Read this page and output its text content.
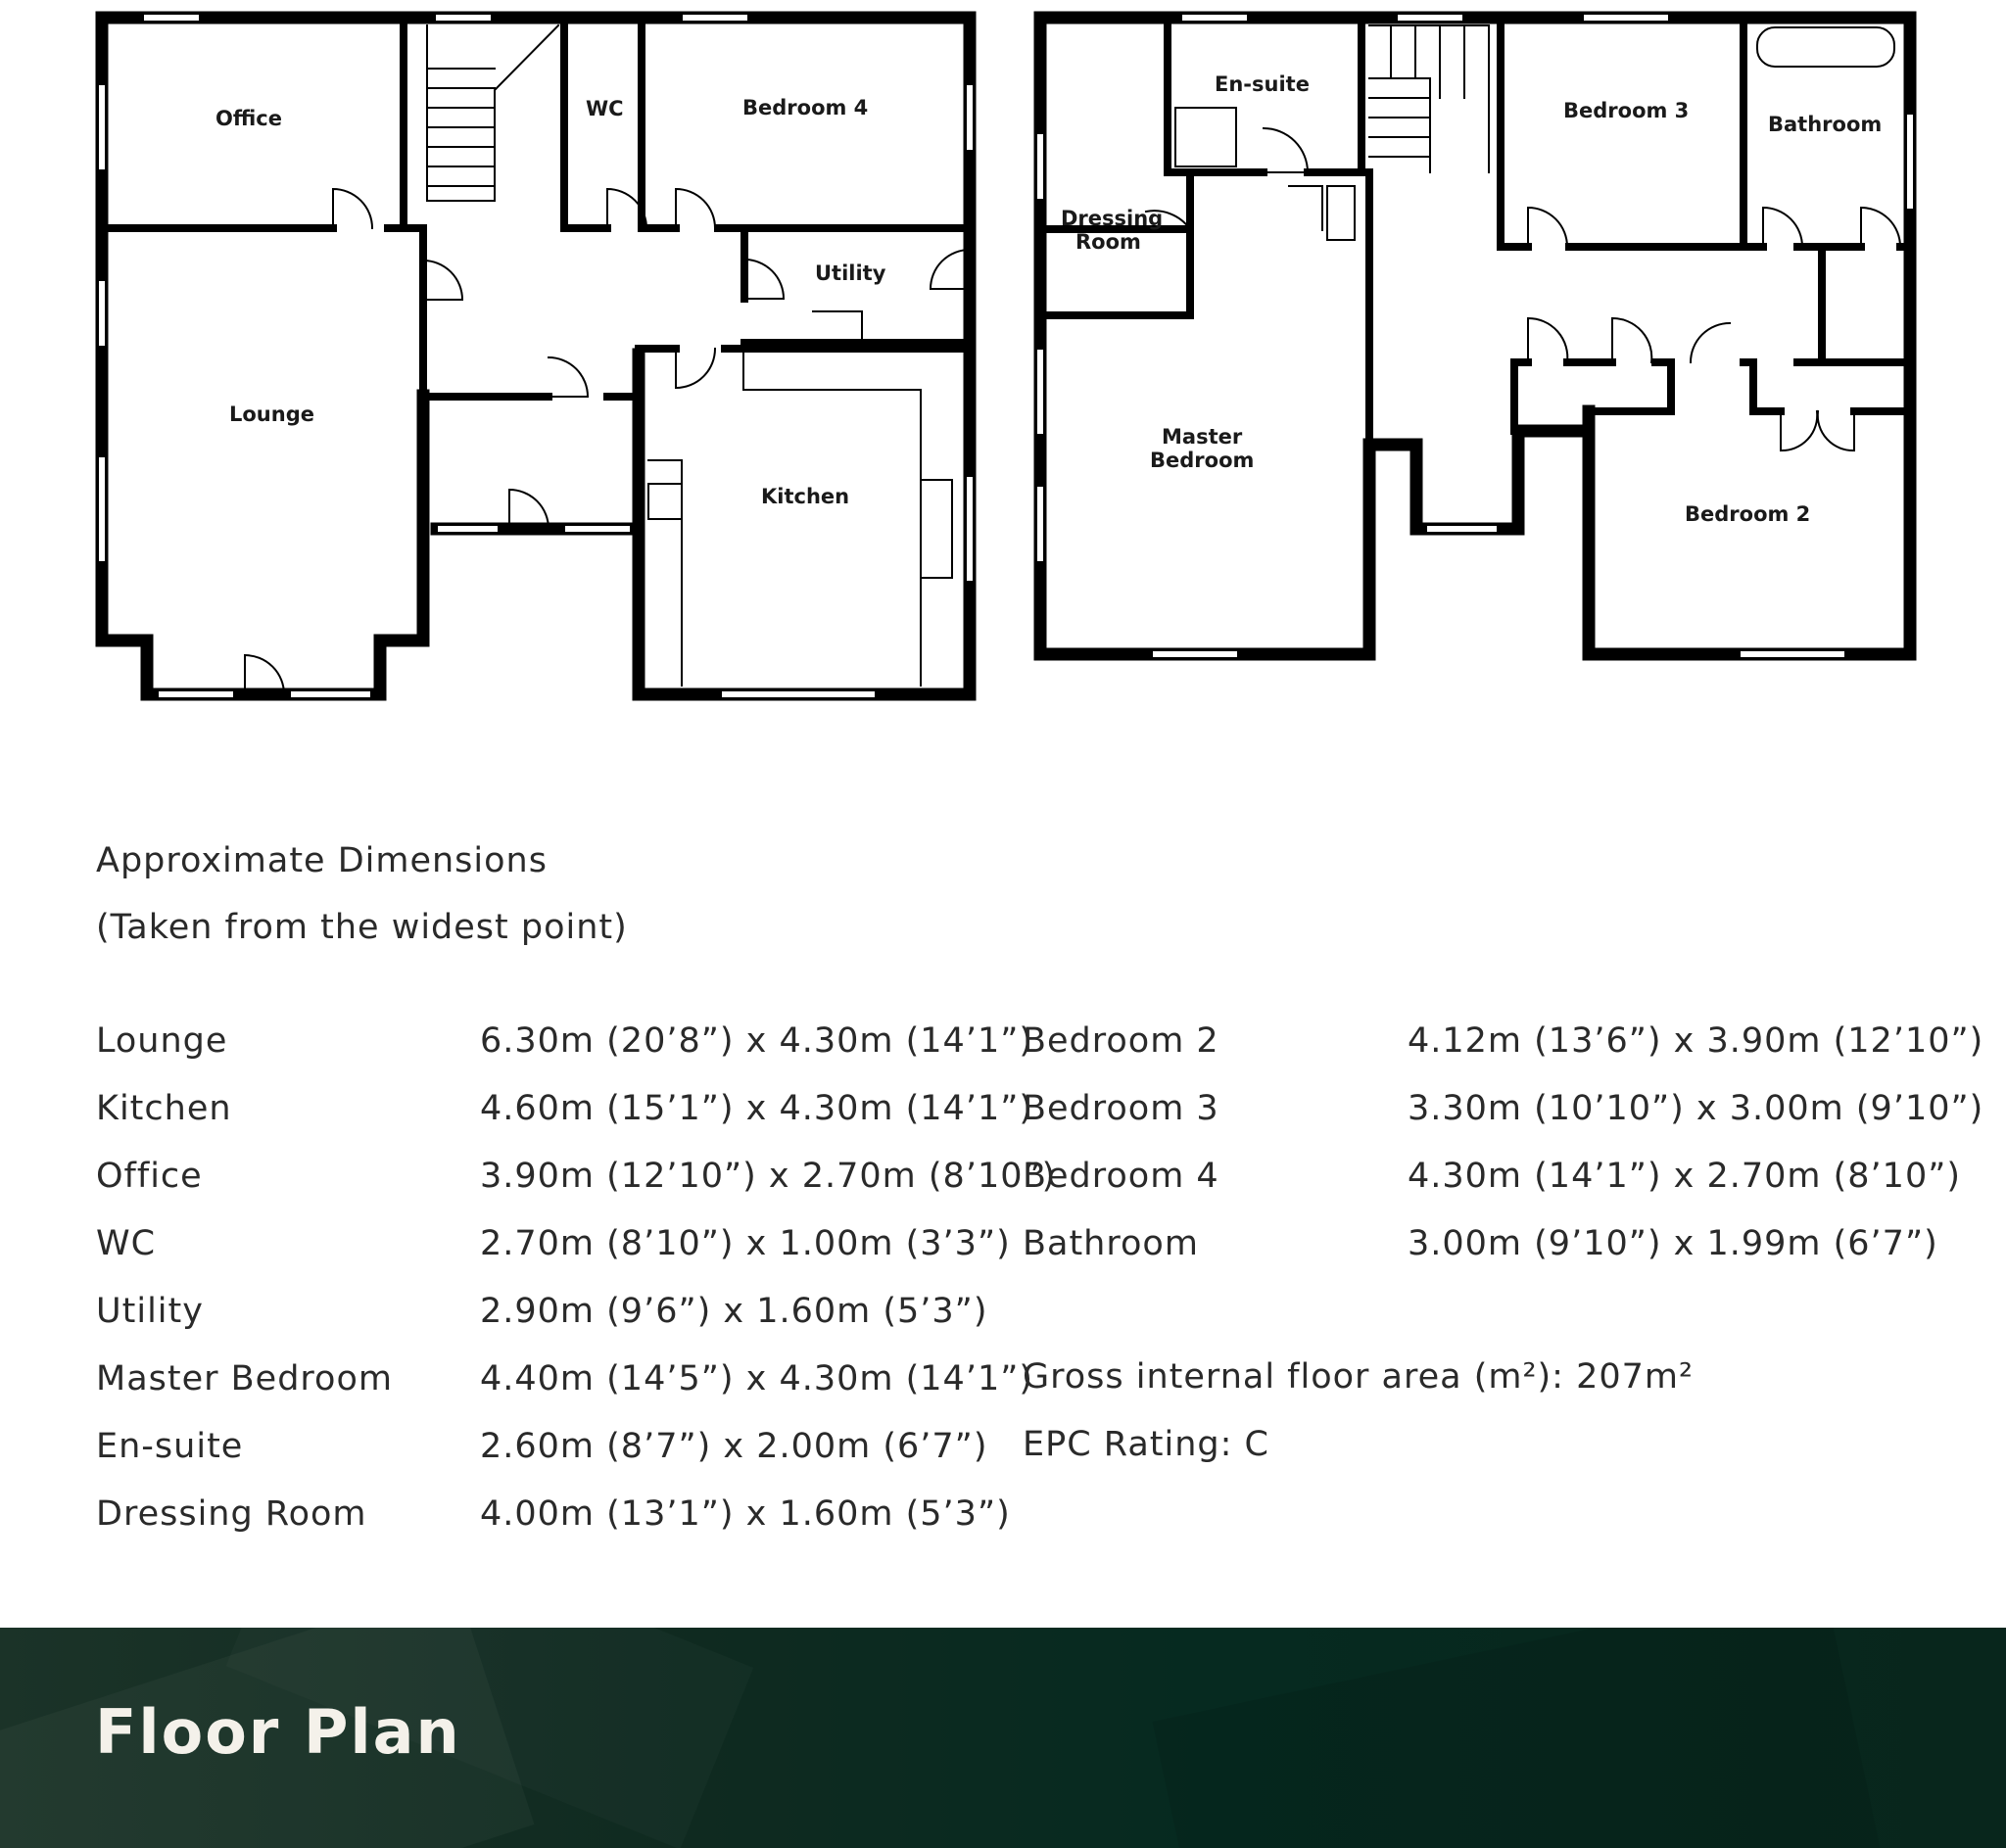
Office
Lounge
WC	Bedroom 4
Utility
Kitchen
En-suite
Dressing
Room
Master
Bedroom
Bedroom 3
Bathroom
Bedroom 2
Approximate Dimensions
(Taken from the widest point)
Lounge	6.30m (20’8”) x 4.30m (14’1”)
Kitchen	4.60m (15’1”) x 4.30m (14’1”)
Office	3.90m (12’10”) x 2.70m (8’10”)
WC	2.70m (8’10”) x 1.00m (3’3”)
Utility	2.90m (9’6”) x 1.60m (5’3”)
Master Bedroom	4.40m (14’5”) x 4.30m (14’1”)
En-suite	2.60m (8’7”) x 2.00m (6’7”)
Dressing Room	4.00m (13’1”) x 1.60m (5’3”)
Bedroom 2	4.12m (13’6”) x 3.90m (12’10”)
Bedroom 3	3.30m (10’10”) x 3.00m (9’10”)
Bedroom 4	4.30m (14’1”) x 2.70m (8’10”)
Bathroom	3.00m (9’10”) x 1.99m (6’7”)
Gross internal floor area (m²): 207m²
EPC Rating: C
Floor Plan
